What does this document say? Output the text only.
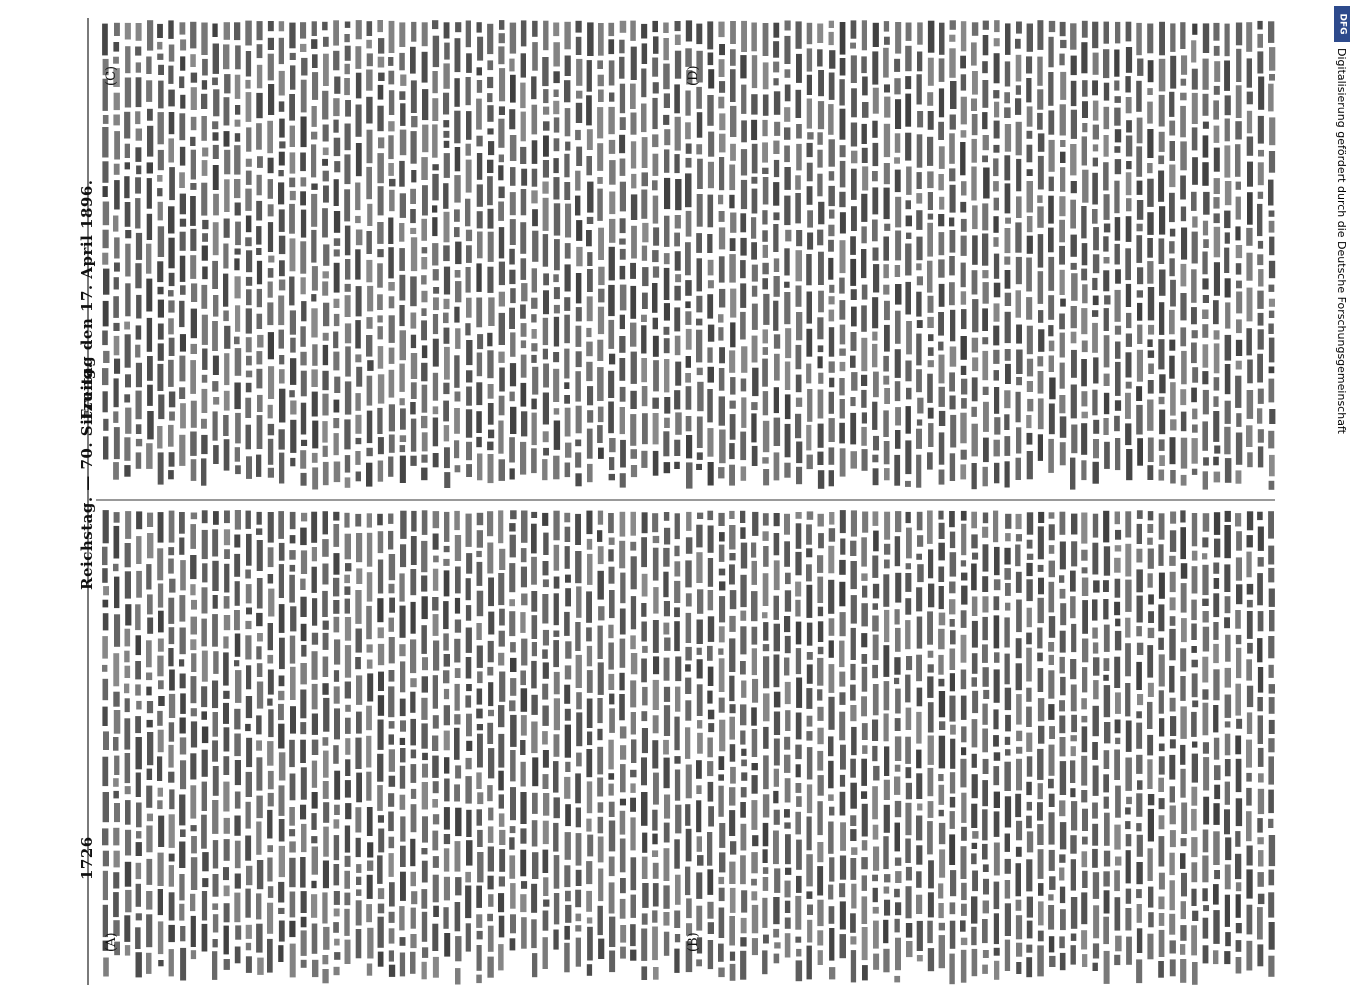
1726
Reichstag. — 70. Sitzung.
Freitag den 17. April 1896.
(A)	(B)
(C)	(D)
DFG
Digitalisierung gefördert durch die Deutsche Forschungsgemeinschaft
